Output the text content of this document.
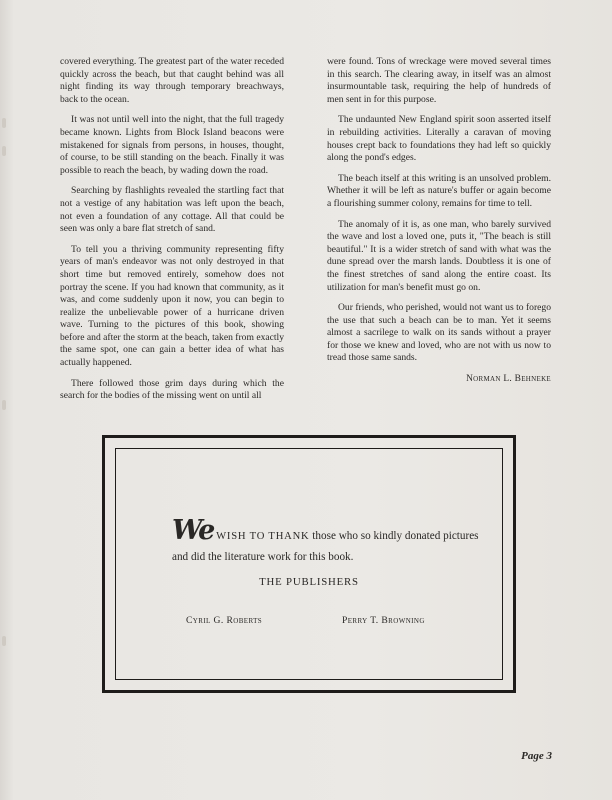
covered everything. The greatest part of the water receded quickly across the beach, but that caught behind was all night finding its way through temporary breachways, back to the ocean.

It was not until well into the night, that the full tragedy became known. Lights from Block Island beacons were mistakened for signals from persons, in houses, thought, of course, to be still standing on the beach. Finally it was possible to reach the beach, by wading down the road.

Searching by flashlights revealed the startling fact that not a vestige of any habitation was left upon the beach, not even a foundation of any cottage. All that could be seen was only a bare flat stretch of sand.

To tell you a thriving community representing fifty years of man's endeavor was not only destroyed in that short time but removed entirely, somehow does not portray the scene. If you had known that community, as it was, and come suddenly upon it now, you can begin to realize the unbelievable power of a hurricane driven wave. Turning to the pictures of this book, showing before and after the storm at the beach, taken from exactly the same spot, one can gain a better idea of what has actually happened.

There followed those grim days during which the search for the bodies of the missing went on until all

were found. Tons of wreckage were moved several times in this search. The clearing away, in itself was an almost insurmountable task, requiring the help of hundreds of men sent in for this purpose.

The undaunted New England spirit soon asserted itself in rebuilding activities. Literally a caravan of moving houses crept back to foundations they had left so quickly along the pond's edges.

The beach itself at this writing is an unsolved problem. Whether it will be left as nature's buffer or again become a flourishing summer colony, remains for time to tell.

The anomaly of it is, as one man, who barely survived the wave and lost a loved one, puts it, "The beach is still beautiful." It is a wider stretch of sand with what was the dune spread over the marsh lands. Doubtless it is one of the finest stretches of sand along the entire coast. Its utilization for man's benefit must go on.

Our friends, who perished, would not want us to forego the use that such a beach can be to man. Yet it seems almost a sacrilege to walk on its sands without a prayer for those we knew and loved, who are not with us now to tread those same sands.

Norman L. Behneke
We WISH TO THANK those who so kindly donated pictures and did the literature work for this book.
THE PUBLISHERS
Cyril G. Roberts	Perry T. Browning
Page 3
